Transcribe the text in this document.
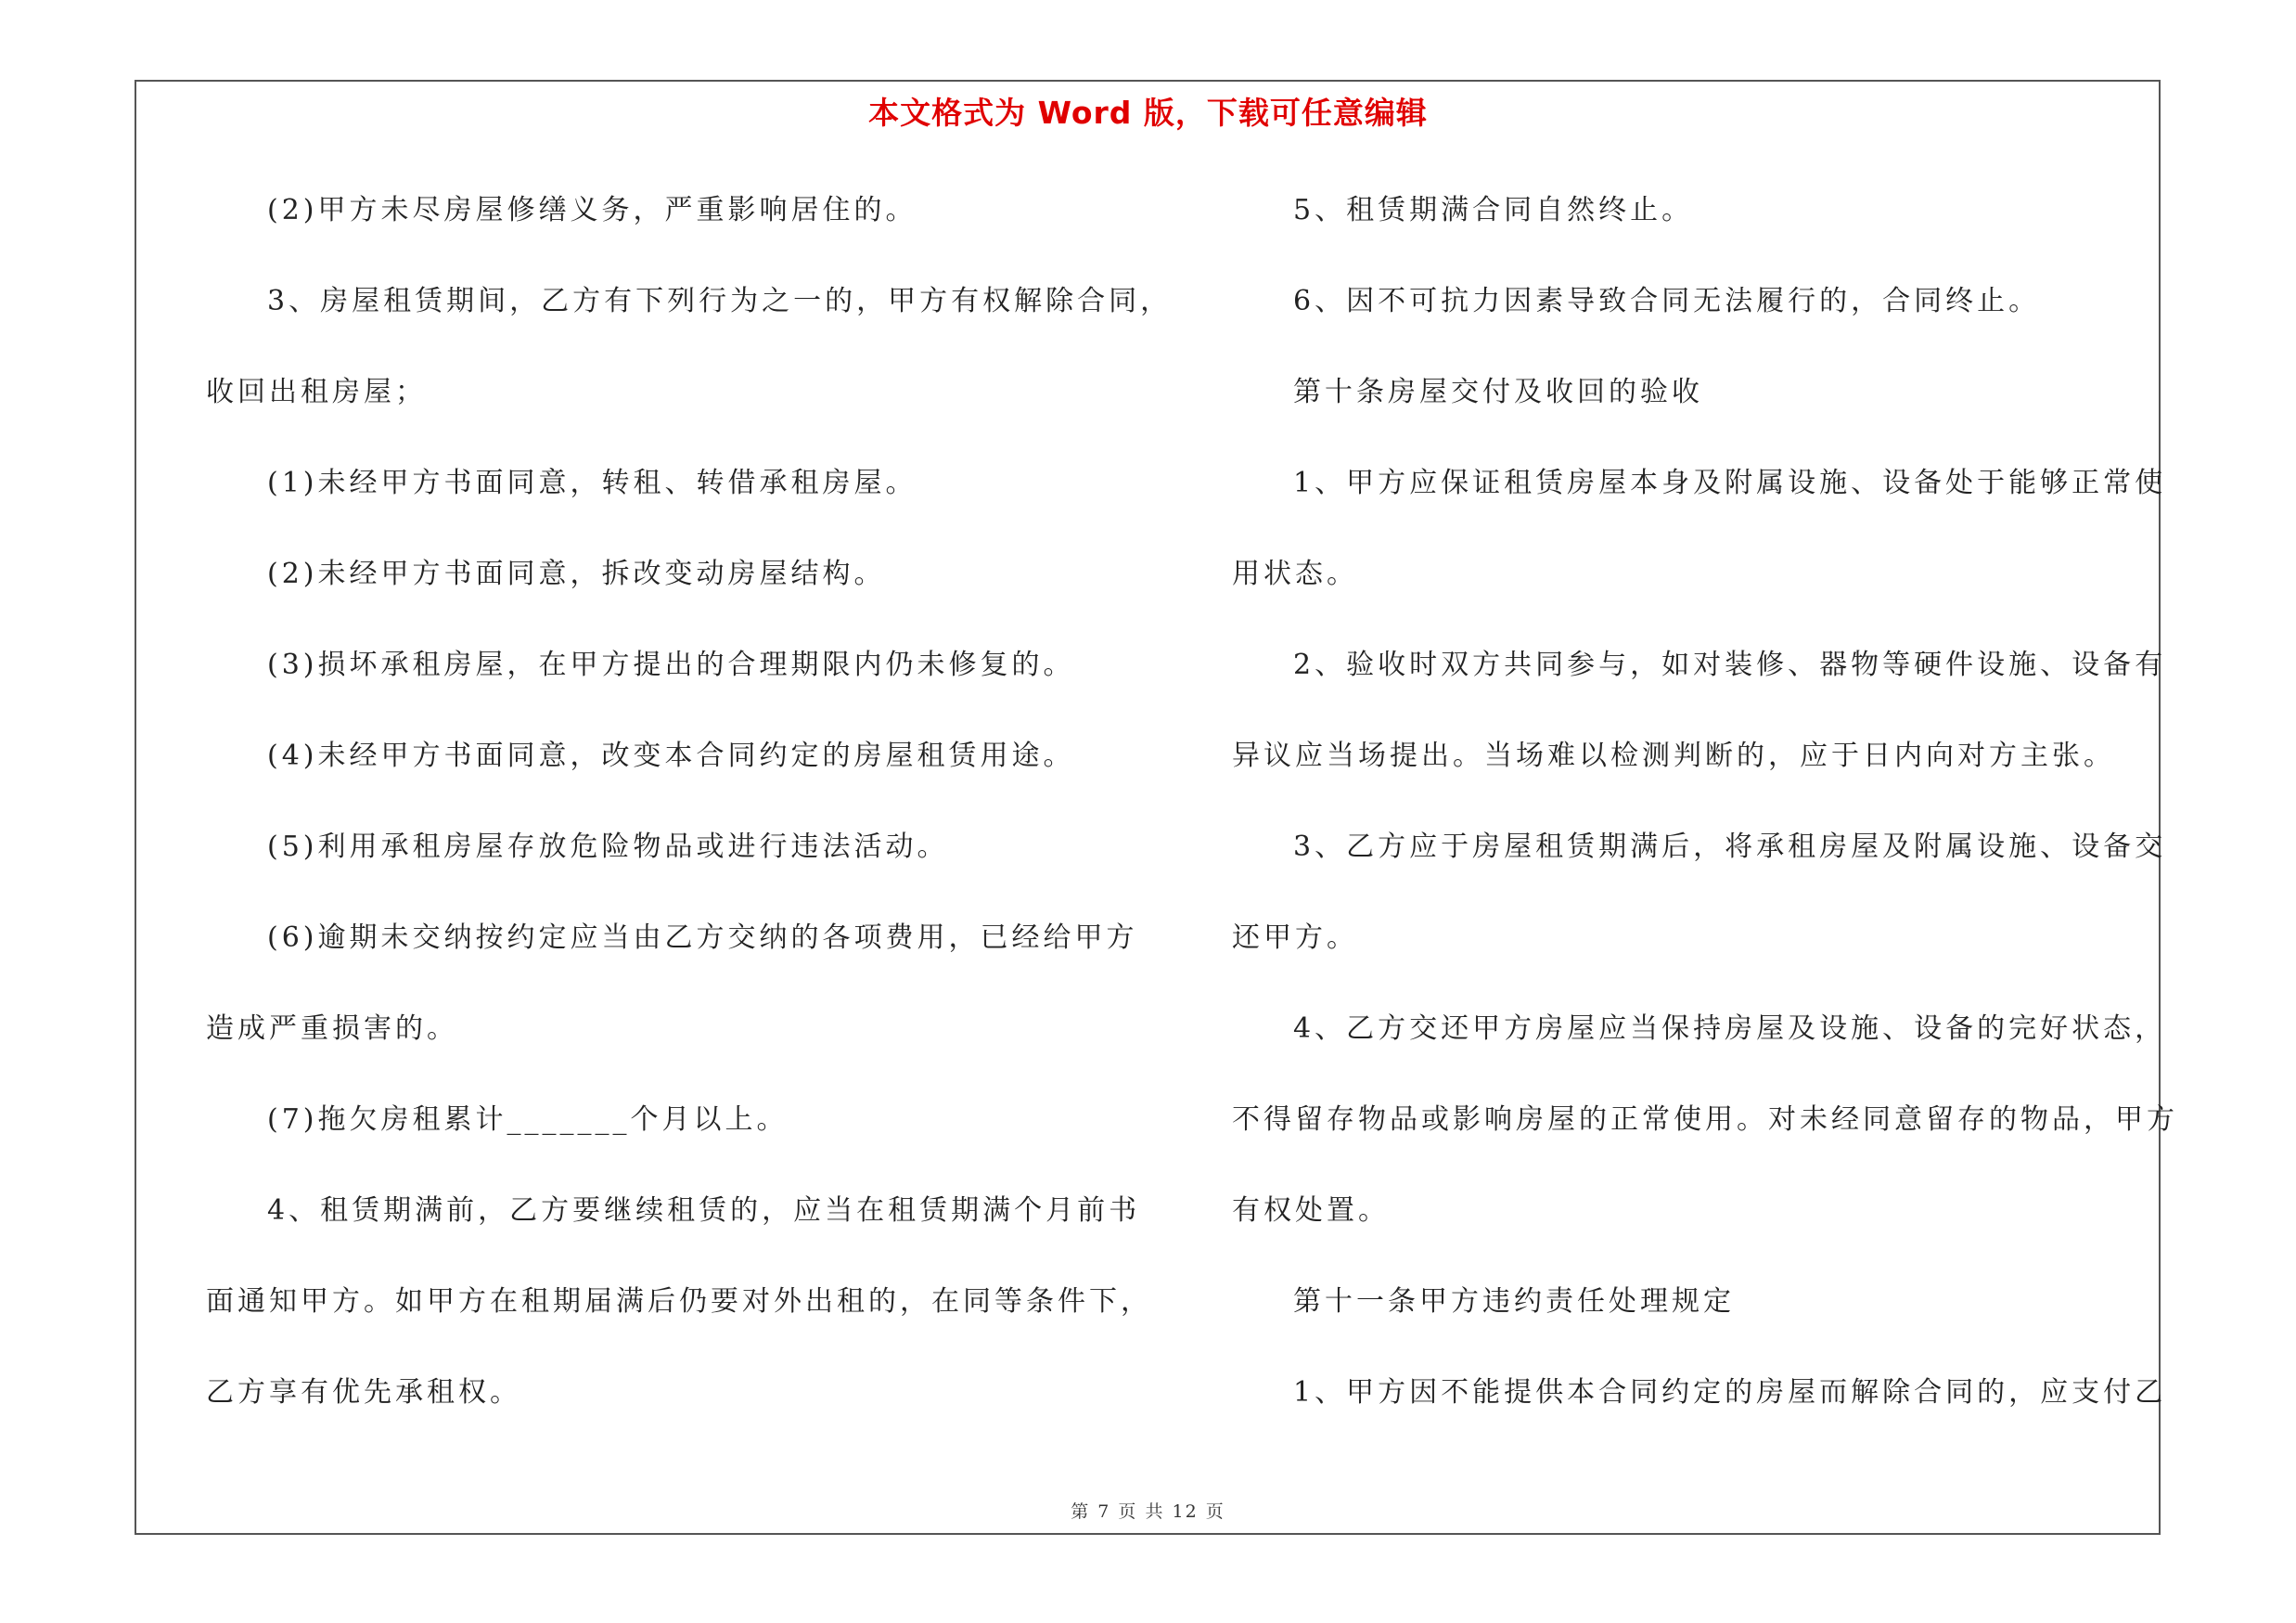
本文格式为 Word 版，下载可任意编辑
(2)甲方未尽房屋修缮义务，严重影响居住的。
3、房屋租赁期间，乙方有下列行为之一的，甲方有权解除合同，
收回出租房屋；
(1)未经甲方书面同意，转租、转借承租房屋。
(2)未经甲方书面同意，拆改变动房屋结构。
(3)损坏承租房屋，在甲方提出的合理期限内仍未修复的。
(4)未经甲方书面同意，改变本合同约定的房屋租赁用途。
(5)利用承租房屋存放危险物品或进行违法活动。
(6)逾期未交纳按约定应当由乙方交纳的各项费用，已经给甲方
造成严重损害的。
(7)拖欠房租累计_______个月以上。
4、租赁期满前，乙方要继续租赁的，应当在租赁期满个月前书
面通知甲方。如甲方在租期届满后仍要对外出租的，在同等条件下，
乙方享有优先承租权。
5、租赁期满合同自然终止。
6、因不可抗力因素导致合同无法履行的，合同终止。
第十条房屋交付及收回的验收
1、甲方应保证租赁房屋本身及附属设施、设备处于能够正常使
用状态。
2、验收时双方共同参与，如对装修、器物等硬件设施、设备有
异议应当场提出。当场难以检测判断的，应于日内向对方主张。
3、乙方应于房屋租赁期满后，将承租房屋及附属设施、设备交
还甲方。
4、乙方交还甲方房屋应当保持房屋及设施、设备的完好状态，
不得留存物品或影响房屋的正常使用。对未经同意留存的物品，甲方
有权处置。
第十一条甲方违约责任处理规定
1、甲方因不能提供本合同约定的房屋而解除合同的，应支付乙
第 7 页 共 12 页
